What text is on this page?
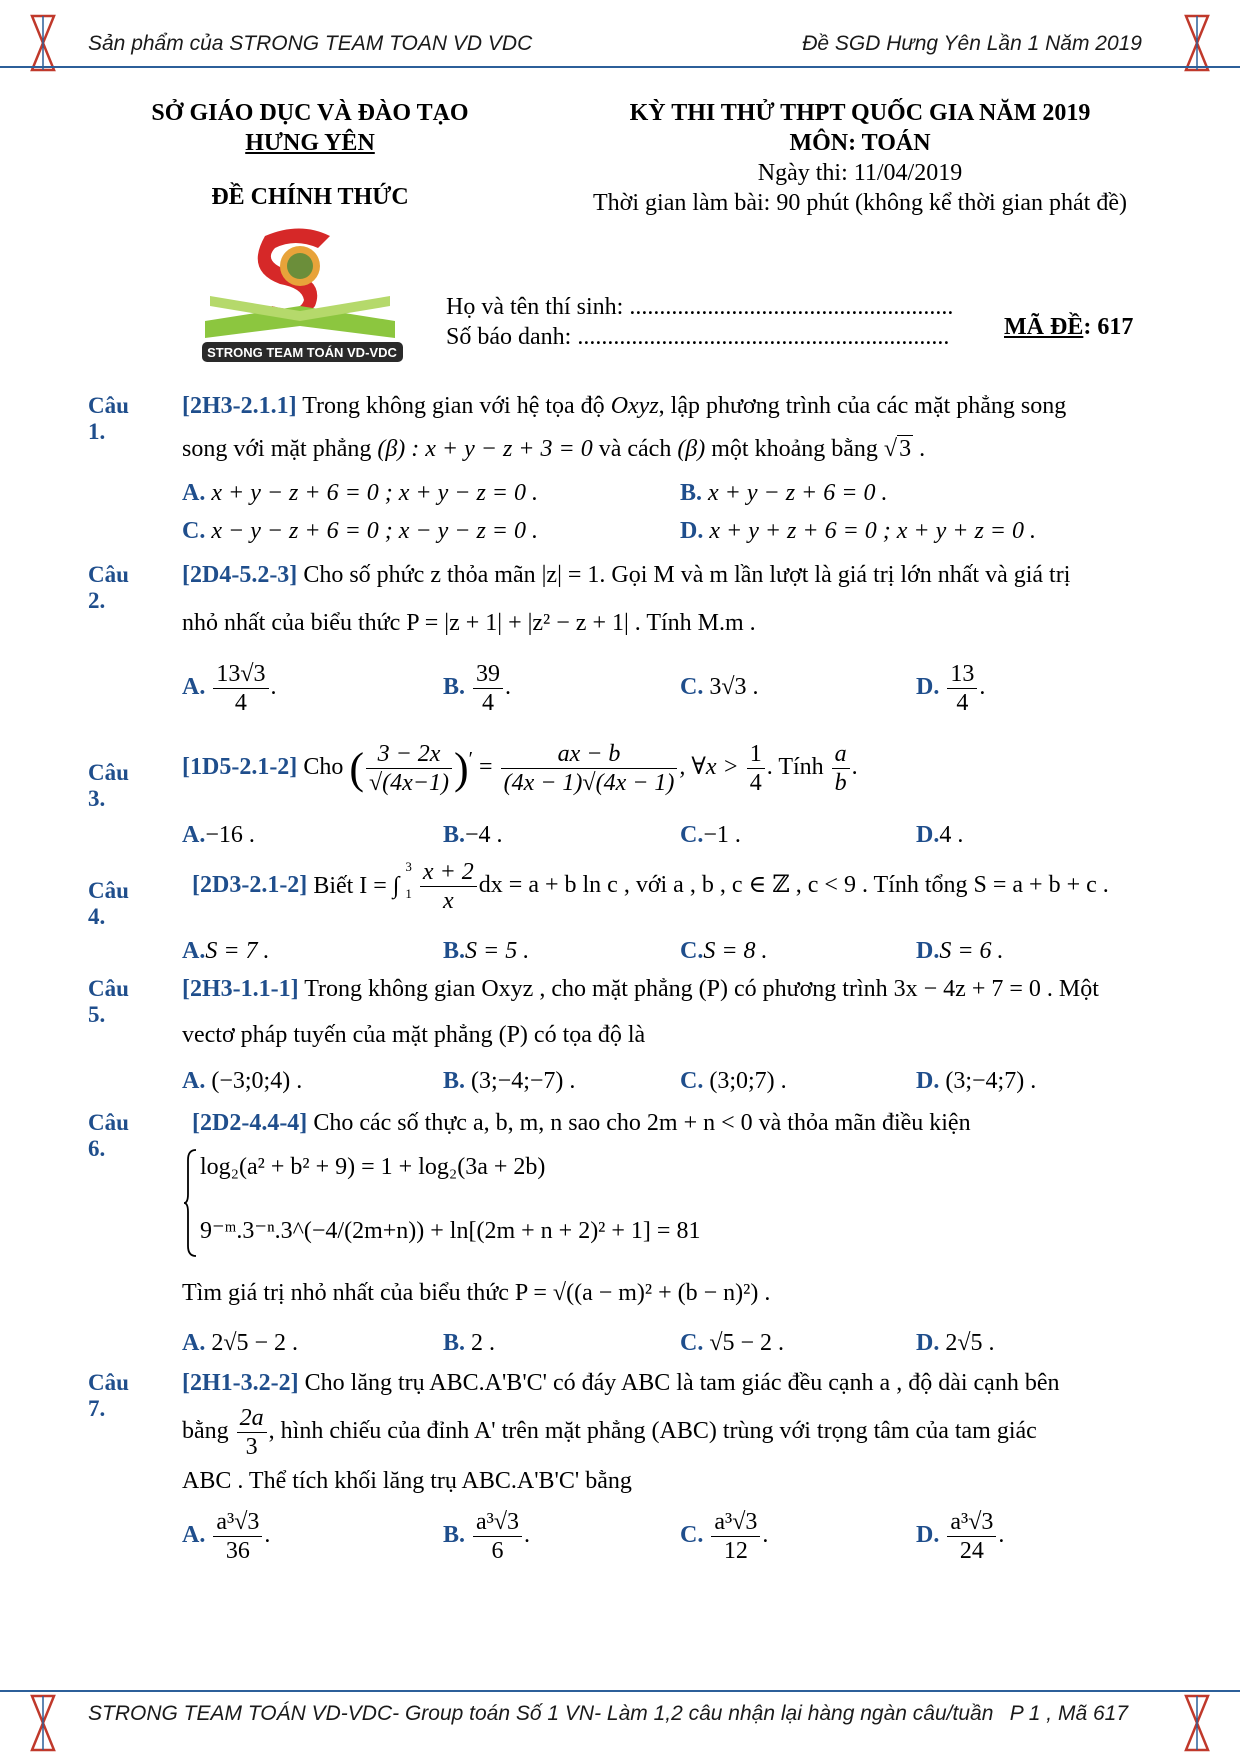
Sản phẩm của STRONG TEAM TOAN VD VDC	Đề SGD Hưng Yên Lần 1 Năm 2019
SỞ GIÁO DỤC VÀ ĐÀO TẠO
HƯNG YÊN
ĐỀ CHÍNH THỨC
KỲ THI THỬ THPT QUỐC GIA NĂM 2019
MÔN: TOÁN
Ngày thi: 11/04/2019
Thời gian làm bài: 90 phút (không kể thời gian phát đề)
STRONG TEAM TOÁN VD-VDC
Họ và tên thí sinh: ......................................................
Số báo danh: ..............................................................	MÃ ĐỀ: 617
Câu 1.
[2H3-2.1.1] Trong không gian với hệ tọa độ Oxyz, lập phương trình của các mặt phẳng song
song với mặt phẳng (β) : x + y − z + 3 = 0 và cách (β) một khoảng bằng √3 .
A. x + y − z + 6 = 0 ; x + y − z = 0 .	B. x + y − z + 6 = 0 .
C. x − y − z + 6 = 0 ; x − y − z = 0 .	D. x + y + z + 6 = 0 ; x + y + z = 0 .
Câu 2.
[2D4-5.2-3] Cho số phức z thỏa mãn |z| = 1. Gọi M và m lần lượt là giá trị lớn nhất và giá trị
nhỏ nhất của biểu thức P = |z + 1| + |z² − z + 1| . Tính M.m .
A. $\frac{13√3}{4}$ .	B. $\frac{39}{4}$ .	C. 3√3 .	D. $\frac{13}{4}$ .
Câu 3.
[1D5-2.1-2] Cho ( $\frac{3 - 2x}{√(4x-1)} )' = \frac{ax - b}{(4x - 1)√(4x - 1)}$ , ∀x > $\frac{1}{4}$ . Tính $\frac{a}{b}$ .
A.−16 .	B.−4 .	C.−1 .	D.4 .
Câu 4.
[2D3-2.1-2] Biết I = ∫
3
1
$\frac{x + 2}{x}$ dx = a + b ln c , với a , b , c ∈ ℤ , c < 9 . Tính tổng S = a + b + c .
A.S = 7 .	B.S = 5 .	C.S = 8 .	D.S = 6 .
Câu 5.
[2H3-1.1-1] Trong không gian Oxyz , cho mặt phẳng (P) có phương trình 3x − 4z + 7 = 0 . Một
vectơ pháp tuyến của mặt phẳng (P) có tọa độ là
A. (−3;0;4) .	B. (3;−4;−7) .	C. (3;0;7) .	D. (3;−4;7) .
Câu 6.
[2D2-4.4-4] Cho các số thực a, b, m, n sao cho 2m + n < 0 và thỏa mãn điều kiện
log₂(a² + b² + 9) = 1 + log₂(3a + 2b)
9⁻ᵐ.3⁻ⁿ.3^(−4/(2m+n)) + ln[(2m + n + 2)² + 1] = 81
Tìm giá trị nhỏ nhất của biểu thức P = √((a − m)² + (b − n)²) .
A. 2√5 − 2 .	B. 2 .	C. √5 − 2 .	D. 2√5 .
Câu 7.
[2H1-3.2-2] Cho lăng trụ ABC.A'B'C' có đáy ABC là tam giác đều cạnh a , độ dài cạnh bên
bằng $\frac{2a}{3}$ , hình chiếu của đỉnh A' trên mặt phẳng (ABC) trùng với trọng tâm của tam giác
ABC . Thể tích khối lăng trụ ABC.A'B'C' bằng
A. $\frac{\text{a³√3}}{36}$ .	B. $\frac{\text{a³√3}}{6}$ .	C. $\frac{\text{a³√3}}{12}$ .	D. $\frac{\text{a³√3}}{24}$ .
STRONG TEAM TOÁN VD-VDC- Group toán Số 1 VN- Làm 1,2 câu nhận lại hàng ngàn câu/tuần P 1 , Mã 617
